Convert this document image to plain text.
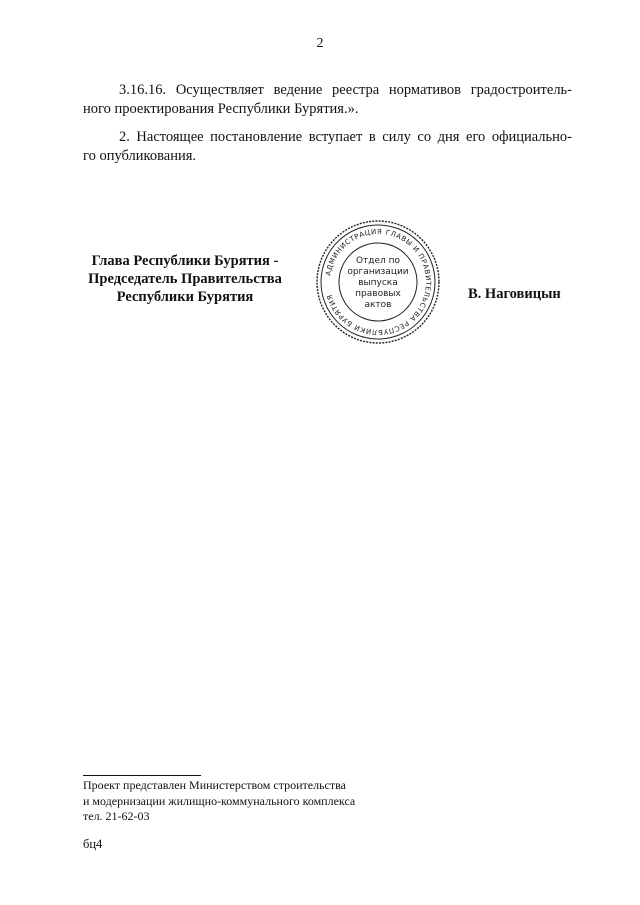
2

3.16.16. Осуществляет ведение реестра нормативов градостроитель-
ного проектирования Республики Бурятия.».

2. Настоящее постановление вступает в силу со дня его официально-
го опубликования.

Глава Республики Бурятия -
Председатель Правительства
Республики Бурятия
АДМИНИСТРАЦИЯ ГЛАВЫ И ПРАВИТЕЛЬСТВА РЕСПУБЛИКИ БУРЯТИЯ
Отдел по
организации
выпуска
правовых
актов
В. Наговицын
Проект представлен Министерством строительства
и модернизации жилищно-коммунального комплекса
тел. 21-62-03
бц4
